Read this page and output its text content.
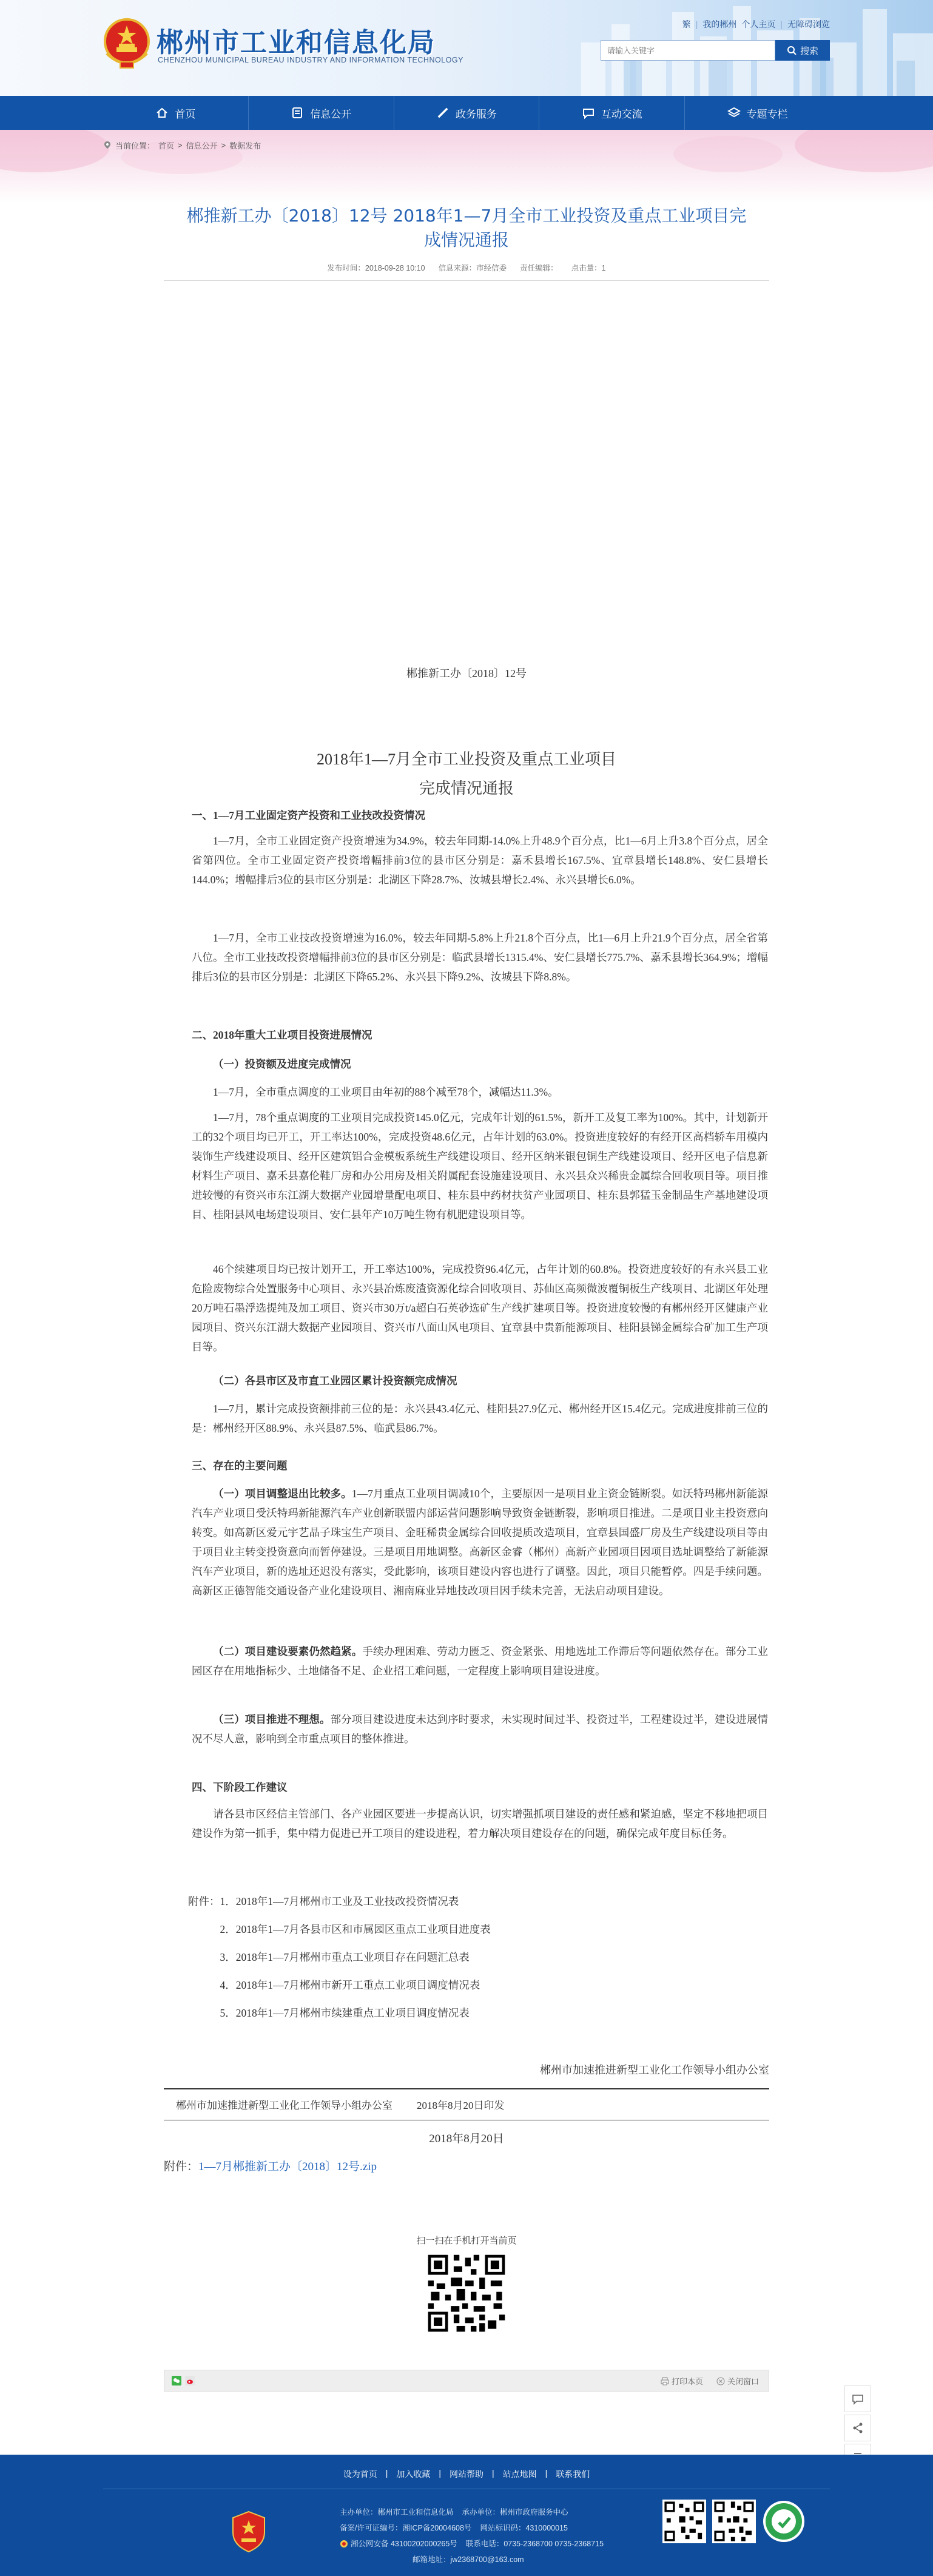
郴州市工业和信息化局
CHENZHOU MUNICIPAL BUREAU INDUSTRY AND INFORMATION TECHNOLOGY
繁 | 我的郴州 个人主页 | 无障碍浏览
请输入关键字
搜索
首页	信息公开	政务服务	互动交流	专题专栏
当前位置： 首页 > 信息公开 > 数据发布
郴推新工办〔2018〕12号 2018年1—7月全市工业投资及重点工业项目完
成情况通报
发布时间：2018-09-28 10:10 信息来源：市经信委 责任编辑： 点击量：1
郴推新工办〔2018〕12号
2018年1—7月全市工业投资及重点工业项目
完成情况通报
一、1—7月工业固定资产投资和工业技改投资情况
1—7月，全市工业固定资产投资增速为34.9%，较去年同期-14.0%上升48.9个百分点，比1—6月上升3.8个百分点，居全省第四位。全市工业固定资产投资增幅排前3位的县市区分别是：嘉禾县增长167.5%、宜章县增长148.8%、安仁县增长144.0%；增幅排后3位的县市区分别是：北湖区下降28.7%、汝城县增长2.4%、永兴县增长6.0%。
1—7月，全市工业技改投资增速为16.0%，较去年同期-5.8%上升21.8个百分点，比1—6月上升21.9个百分点，居全省第八位。全市工业技改投资增幅排前3位的县市区分别是：临武县增长1315.4%、安仁县增长775.7%、嘉禾县增长364.9%；增幅排后3位的县市区分别是：北湖区下降65.2%、永兴县下降9.2%、汝城县下降8.8%。
二、2018年重大工业项目投资进展情况
（一）投资额及进度完成情况
1—7月，全市重点调度的工业项目由年初的88个减至78个，减幅达11.3%。
1—7月，78个重点调度的工业项目完成投资145.0亿元，完成年计划的61.5%，新开工及复工率为100%。其中，计划新开工的32个项目均已开工，开工率达100%，完成投资48.6亿元，占年计划的63.0%。投资进度较好的有经开区高档轿车用模内装饰生产线建设项目、经开区建筑铝合金模板系统生产线建设项目、经开区纳米银包铜生产线建设项目、经开区电子信息新材料生产项目、嘉禾县嘉伦鞋厂房和办公用房及相关附属配套设施建设项目、永兴县众兴稀贵金属综合回收项目等。项目推进较慢的有资兴市东江湖大数据产业园增量配电项目、桂东县中药材扶贫产业园项目、桂东县郭猛玉金制品生产基地建设项目、桂阳县风电场建设项目、安仁县年产10万吨生物有机肥建设项目等。
46个续建项目均已按计划开工，开工率达100%，完成投资96.4亿元，占年计划的60.8%。投资进度较好的有永兴县工业危险废物综合处置服务中心项目、永兴县冶炼废渣资源化综合回收项目、苏仙区高频微波覆铜板生产线项目、北湖区年处理20万吨石墨浮选提纯及加工项目、资兴市30万t/a超白石英砂选矿生产线扩建项目等。投资进度较慢的有郴州经开区健康产业园项目、资兴东江湖大数据产业园项目、资兴市八面山风电项目、宜章县中贵新能源项目、桂阳县锑金属综合矿加工生产项目等。
（二）各县市区及市直工业园区累计投资额完成情况
1—7月，累计完成投资额排前三位的是：永兴县43.4亿元、桂阳县27.9亿元、郴州经开区15.4亿元。完成进度排前三位的是：郴州经开区88.9%、永兴县87.5%、临武县86.7%。
三、存在的主要问题
（一）项目调整退出比较多。1—7月重点工业项目调减10个，主要原因一是项目业主资金链断裂。如沃特玛郴州新能源汽车产业项目受沃特玛新能源汽车产业创新联盟内部运营问题影响导致资金链断裂，影响项目推进。二是项目业主投资意向转变。如高新区爱元宇艺晶子珠宝生产项目、金旺稀贵金属综合回收提质改造项目，宜章县国盛厂房及生产线建设项目等由于项目业主转变投资意向而暂停建设。三是项目用地调整。高新区金睿（郴州）高新产业园项目因项目选址调整给了新能源汽车产业项目，新的选址还迟没有落实，受此影响，该项目建设内容也进行了调整。因此，项目只能暂停。四是手续问题。高新区正德智能交通设备产业化建设项目、湘南麻业异地技改项目因手续未完善，无法启动项目建设。
（二）项目建设要素仍然趋紧。手续办理困难、劳动力匮乏、资金紧张、用地选址工作滞后等问题依然存在。部分工业园区存在用地指标少、土地储备不足、企业招工难问题，一定程度上影响项目建设进度。
（三）项目推进不理想。部分项目建设进度未达到序时要求，未实现时间过半、投资过半，工程建设过半，建设进展情况不尽人意，影响到全市重点项目的整体推进。
四、下阶段工作建议
请各县市区经信主管部门、各产业园区要进一步提高认识，切实增强抓项目建设的责任感和紧迫感，坚定不移地把项目建设作为第一抓手，集中精力促进已开工项目的建设进程，着力解决项目建设存在的问题，确保完成年度目标任务。
附件： 1．2018年1—7月郴州市工业及工业技改投资情况表
2．2018年1—7月各县市区和市属园区重点工业项目进度表
3．2018年1—7月郴州市重点工业项目存在问题汇总表
4．2018年1—7月郴州市新开工重点工业项目调度情况表
5．2018年1—7月郴州市续建重点工业项目调度情况表
郴州市加速推进新型工业化工作领导小组办公室
郴州市加速推进新型工业化工作领导小组办公室 2018年8月20日印发
2018年8月20日
附件：1—7月郴推新工办〔2018〕12号.zip
扫一扫在手机打开当前页
打印本页	关闭窗口
设为首页 | 加入收藏 | 网站帮助 | 站点地图 | 联系我们
主办单位：郴州市工业和信息化局 承办单位：郴州市政府服务中心
备案/许可证编号：湘ICP备20004608号 网站标识码：4310000015
湘公网安备 43100202000265号 联系电话：0735-2368700 0735-2368715
邮箱地址：jw2368700@163.com
